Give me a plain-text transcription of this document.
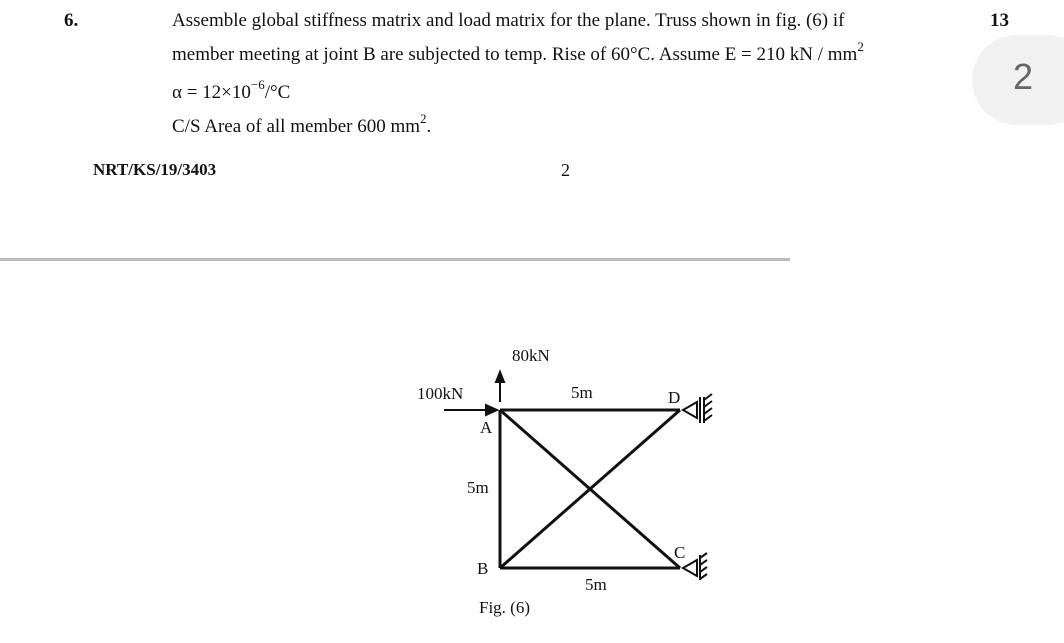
6.	Assemble global stiffness matrix and load matrix for the plane. Truss shown in fig. (6) if
member meeting at joint B are subjected to temp. Rise of 60°C. Assume E = 210 kN / $mm^2$
$\alpha = 12\times 10^{-6}/^\circ C$
C/S Area of all member 600 $mm^2$.
13
2
NRT/KS/19/3403	2
80kN
100kN	5m
5m
5m
A
B
C
D
Fig. (6)
